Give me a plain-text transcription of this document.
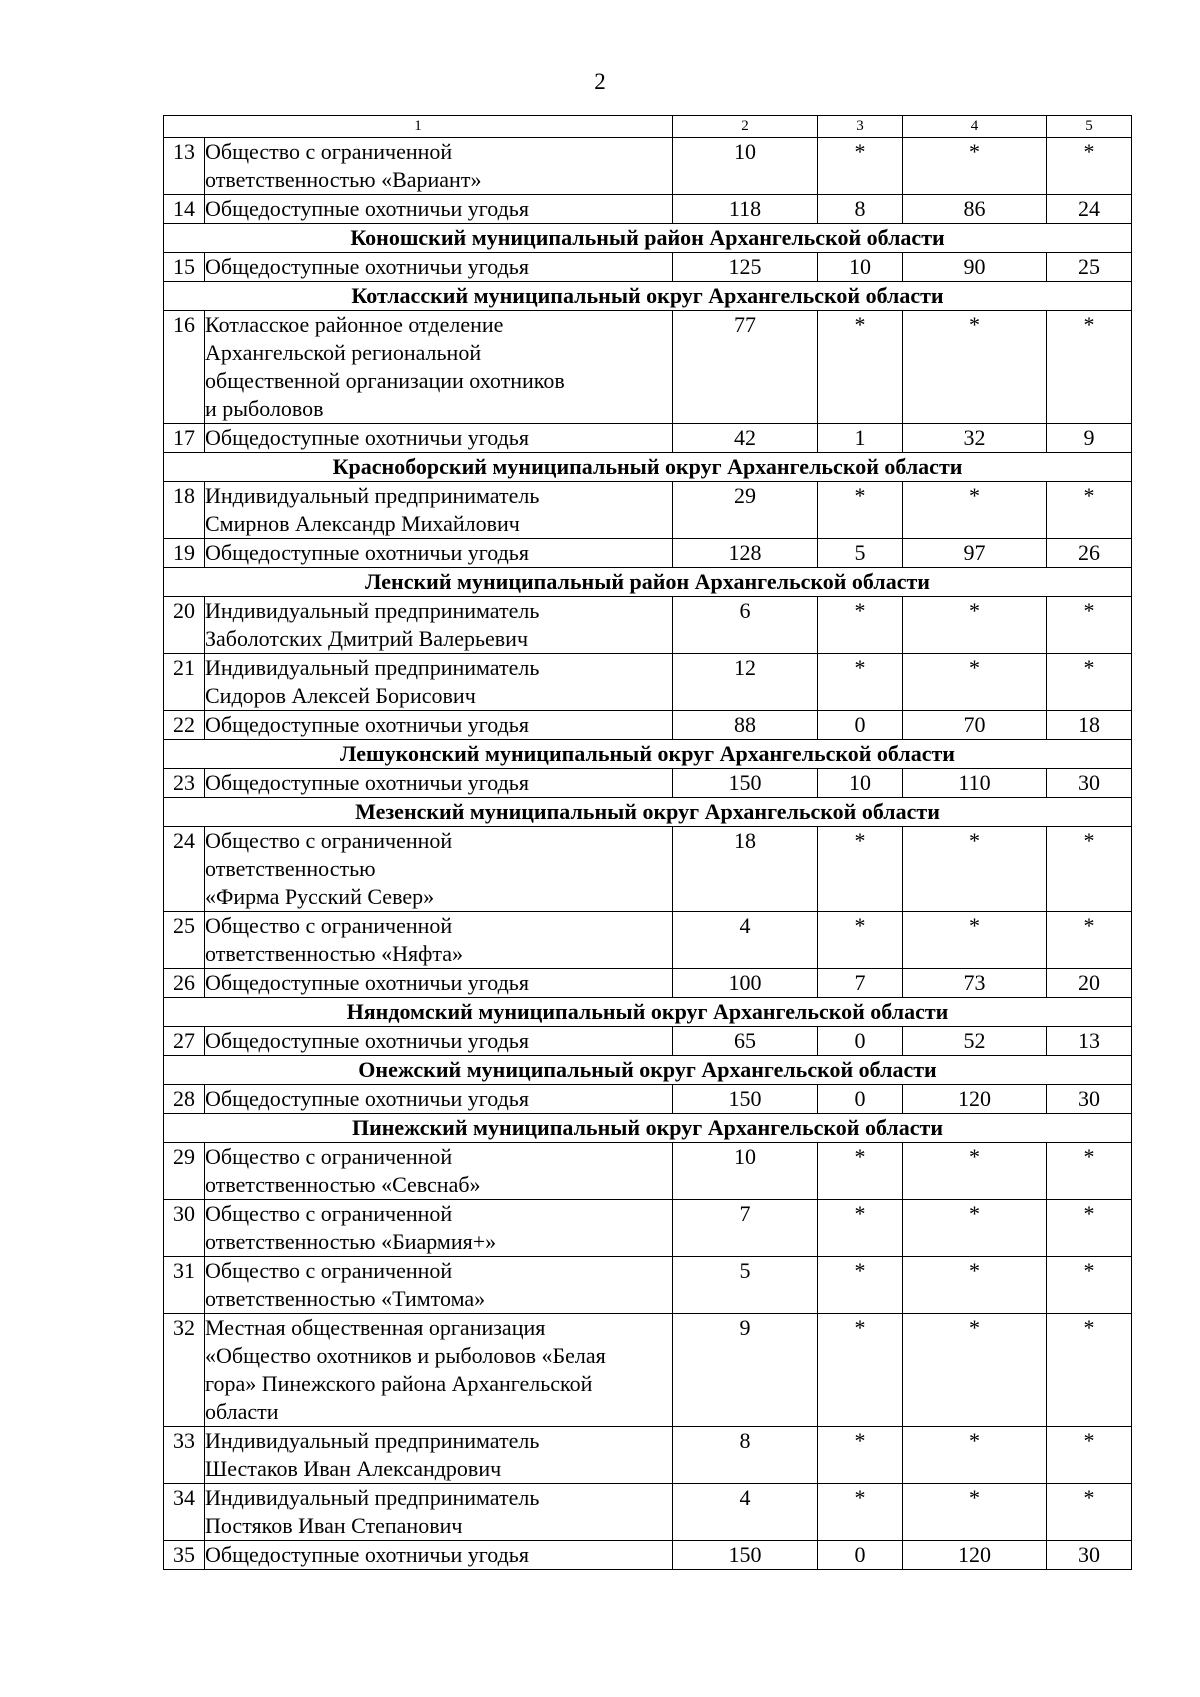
2
1		2	3	4	5
13	Общество с ограниченной
ответственностью «Вариант»	10	*	*	*
14	Общедоступные охотничьи угодья	118	8	86	24
Коношский муниципальный район Архангельской области					
15	Общедоступные охотничьи угодья	125	10	90	25
Котласский муниципальный округ Архангельской области					
16	Котласское районное отделение
Архангельской региональной
общественной организации охотников
и рыболовов	77	*	*	*
17	Общедоступные охотничьи угодья	42	1	32	9
Красноборский муниципальный округ Архангельской области					
18	Индивидуальный предприниматель
Смирнов Александр Михайлович	29	*	*	*
19	Общедоступные охотничьи угодья	128	5	97	26
Ленский муниципальный район Архангельской области					
20	Индивидуальный предприниматель
Заболотских Дмитрий Валерьевич	6	*	*	*
21	Индивидуальный предприниматель
Сидоров Алексей Борисович	12	*	*	*
22	Общедоступные охотничьи угодья	88	0	70	18
Лешуконский муниципальный округ Архангельской области					
23	Общедоступные охотничьи угодья	150	10	110	30
Мезенский муниципальный округ Архангельской области					
24	Общество с ограниченной
ответственностью
«Фирма Русский Север»	18	*	*	*
25	Общество с ограниченной
ответственностью «Няфта»	4	*	*	*
26	Общедоступные охотничьи угодья	100	7	73	20
Няндомский муниципальный округ Архангельской области					
27	Общедоступные охотничьи угодья	65	0	52	13
Онежский муниципальный округ Архангельской области					
28	Общедоступные охотничьи угодья	150	0	120	30
Пинежский муниципальный округ Архангельской области					
29	Общество с ограниченной
ответственностью «Севснаб»	10	*	*	*
30	Общество с ограниченной
ответственностью «Биармия+»	7	*	*	*
31	Общество с ограниченной
ответственностью «Тимтома»	5	*	*	*
32	Местная общественная организация
«Общество охотников и рыболовов «Белая
гора» Пинежского района Архангельской
области	9	*	*	*
33	Индивидуальный предприниматель
Шестаков Иван Александрович	8	*	*	*
34	Индивидуальный предприниматель
Постяков Иван Степанович	4	*	*	*
35	Общедоступные охотничьи угодья	150	0	120	30
